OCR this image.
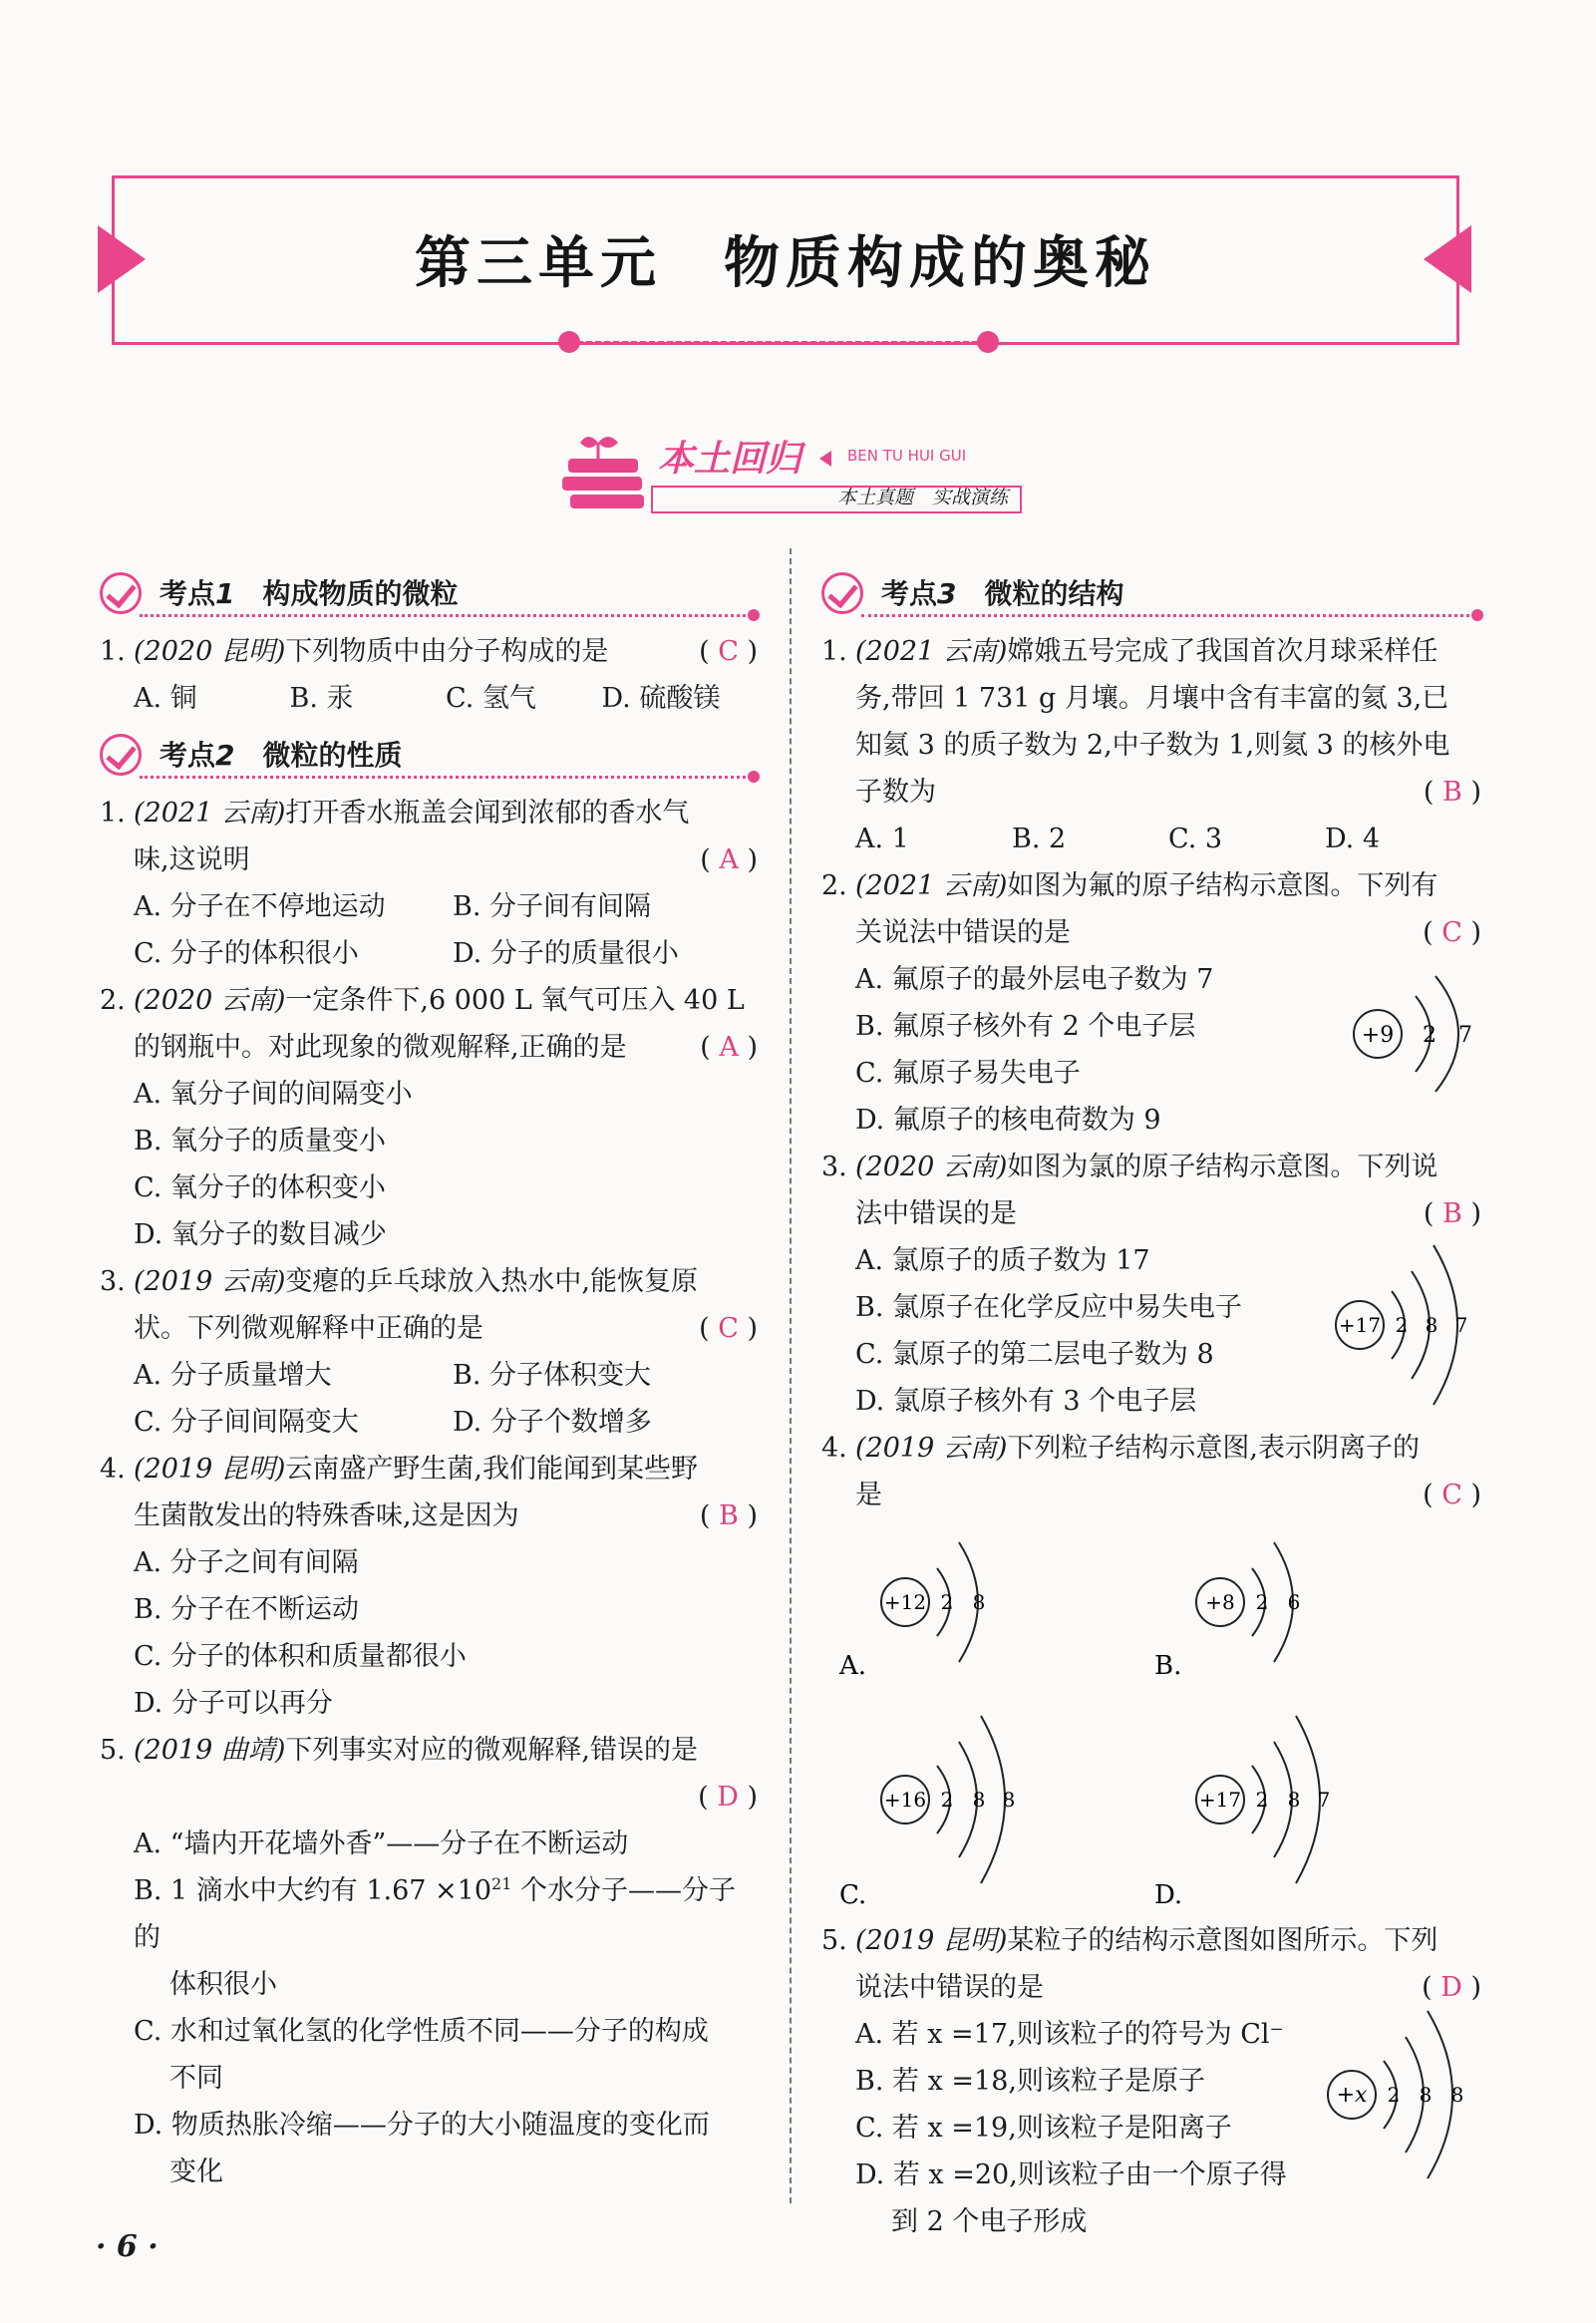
第三单元　物质构成的奥秘
本土回归	BEN TU HUI GUI
本土真题　实战演练
考点1　 构成物质的微粒
1. (2020 昆明)下列物质中由分子构成的是	( C )
A. 铜	B. 汞	C. 氢气	D. 硫酸镁
考点2　 微粒的性质
1. (2021 云南)打开香水瓶盖会闻到浓郁的香水气
味,这说明	( A )
A. 分子在不停地运动	B. 分子间有间隔
C. 分子的体积很小	D. 分子的质量很小
2. (2020 云南)一定条件下,6 000 L 氧气可压入 40 L
的钢瓶中。对此现象的微观解释,正确的是	( A )
A. 氧分子间的间隔变小
B. 氧分子的质量变小
C. 氧分子的体积变小
D. 氧分子的数目减少
3. (2019 云南)变瘪的乒乓球放入热水中,能恢复原
状。下列微观解释中正确的是	( C )
A. 分子质量增大	B. 分子体积变大
C. 分子间间隔变大	D. 分子个数增多
4. (2019 昆明)云南盛产野生菌,我们能闻到某些野
生菌散发出的特殊香味,这是因为	( B )
A. 分子之间有间隔
B. 分子在不断运动
C. 分子的体积和质量都很小
D. 分子可以再分
5. (2019 曲靖)下列事实对应的微观解释,错误的是

( D )

A. “墙内开花墙外香”——分子在不断运动
B. 1 滴水中大约有 $1.67 \times 10^{21}$ 个水分子——分子的
体积很小
C. 水和过氧化氢的化学性质不同——分子的构成
不同
D. 物质热胀冷缩——分子的大小随温度的变化而
变化
考点3　 微粒的结构
1. (2021 云南)嫦娥五号完成了我国首次月球采样任
务,带回 1 731 g 月壤。月壤中含有丰富的氦 3,已
知氦 3 的质子数为 2,中子数为 1,则氦 3 的核外电
子数为	( B )
A. 1	B. 2	C. 3	D. 4
2. (2021 云南)如图为氟的原子结构示意图。下列有
关说法中错误的是	( C )
A. 氟原子的最外层电子数为 7
B. 氟原子核外有 2 个电子层
C. 氟原子易失电子
D. 氟原子的核电荷数为 9
+9 2 7
3. (2020 云南)如图为氯的原子结构示意图。下列说
法中错误的是	( B )
A. 氯原子的质子数为 17
B. 氯原子在化学反应中易失电子
C. 氯原子的第二层电子数为 8
D. 氯原子核外有 3 个电子层
+17 2 8 7
4. (2019 云南)下列粒子结构示意图,表示阴离子的
是	( C )
A.
+12 2 8
B.
+8 2 6
C.
+16 2 8 8
D.
+17 2 8 7
5. (2019 昆明)某粒子的结构示意图如图所示。下列
说法中错误的是	( D )
A. 若 x =17,则该粒子的符号为 Cl⁻
B. 若 x =18,则该粒子是原子
C. 若 x =19,则该粒子是阳离子
D. 若 x =20,则该粒子由一个原子得
到 2 个电子形成
+x 2 8 8
· 6 ·
